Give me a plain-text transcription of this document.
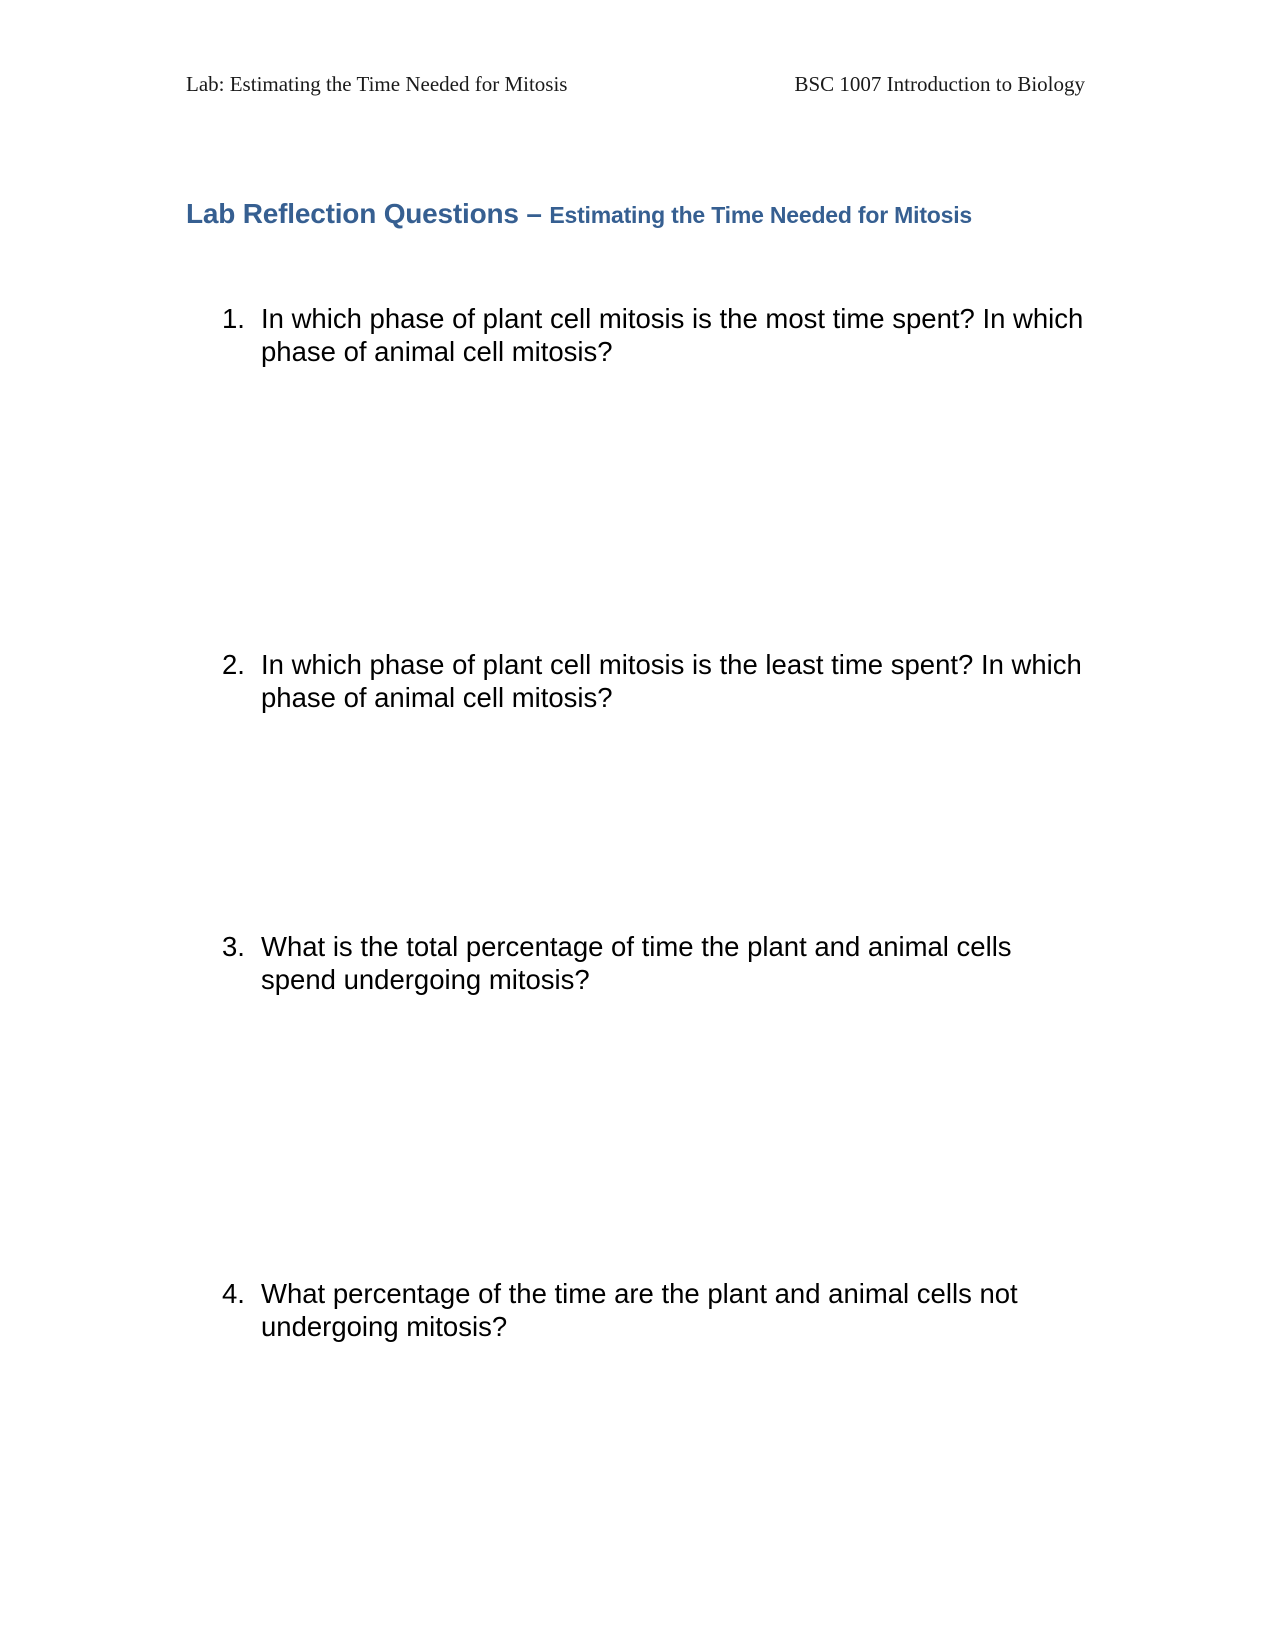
Lab: Estimating the Time Needed for Mitosis	BSC 1007 Introduction to Biology
Lab Reflection Questions – Estimating the Time Needed for Mitosis
1. In which phase of plant cell mitosis is the most time spent? In which phase of animal cell mitosis?
2. In which phase of plant cell mitosis is the least time spent? In which phase of animal cell mitosis?
3. What is the total percentage of time the plant and animal cells spend undergoing mitosis?
4. What percentage of the time are the plant and animal cells not undergoing mitosis?
